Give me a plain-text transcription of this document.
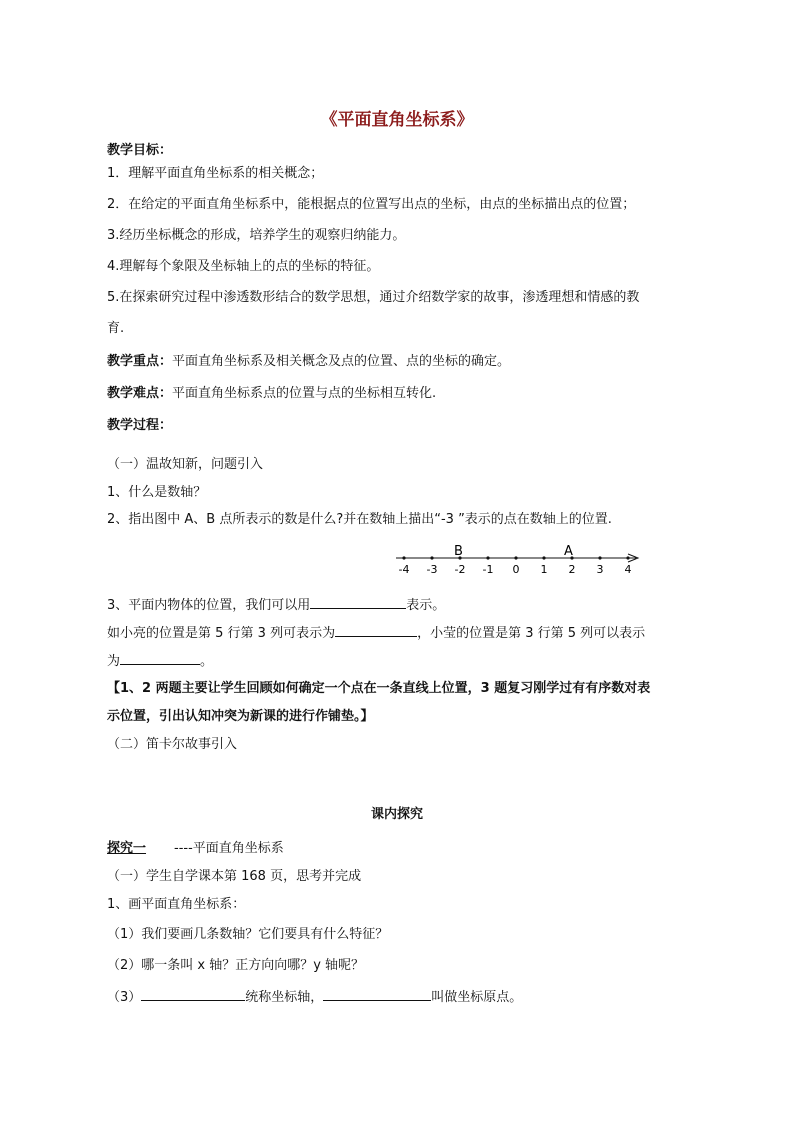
《平面直角坐标系》
教学目标：
1．理解平面直角坐标系的相关概念；
2．在给定的平面直角坐标系中，能根据点的位置写出点的坐标，由点的坐标描出点的位置；
3.经历坐标概念的形成，培养学生的观察归纳能力。
4.理解每个象限及坐标轴上的点的坐标的特征。
5.在探索研究过程中渗透数形结合的数学思想，通过介绍数学家的故事，渗透理想和情感的教
育.
教学重点：平面直角坐标系及相关概念及点的位置、点的坐标的确定。
教学难点：平面直角坐标系点的位置与点的坐标相互转化.
教学过程：
（一）温故知新，问题引入
1、什么是数轴？
2、指出图中 A、B 点所表示的数是什么?并在数轴上描出“-3 ”表示的点在数轴上的位置.
-4 -3 -2 -1 0 1 2 3 4
B	A
3、平面内物体的位置，我们可以用	表示。
如小亮的位置是第 5 行第 3 列可表示为	，小莹的位置是第 3 行第 5 列可以表示
为	。
【1、2 两题主要让学生回顾如何确定一个点在一条直线上位置，3 题复习刚学过有有序数对表
示位置，引出认知冲突为新课的进行作铺垫。】
（二）笛卡尔故事引入
课内探究
探究一 ----平面直角坐标系
（一）学生自学课本第 168 页，思考并完成
1、画平面直角坐标系：
（1）我们要画几条数轴？它们要具有什么特征？
（2）哪一条叫 x 轴？正方向向哪？y 轴呢？
（3）	统称坐标轴，	叫做坐标原点。
